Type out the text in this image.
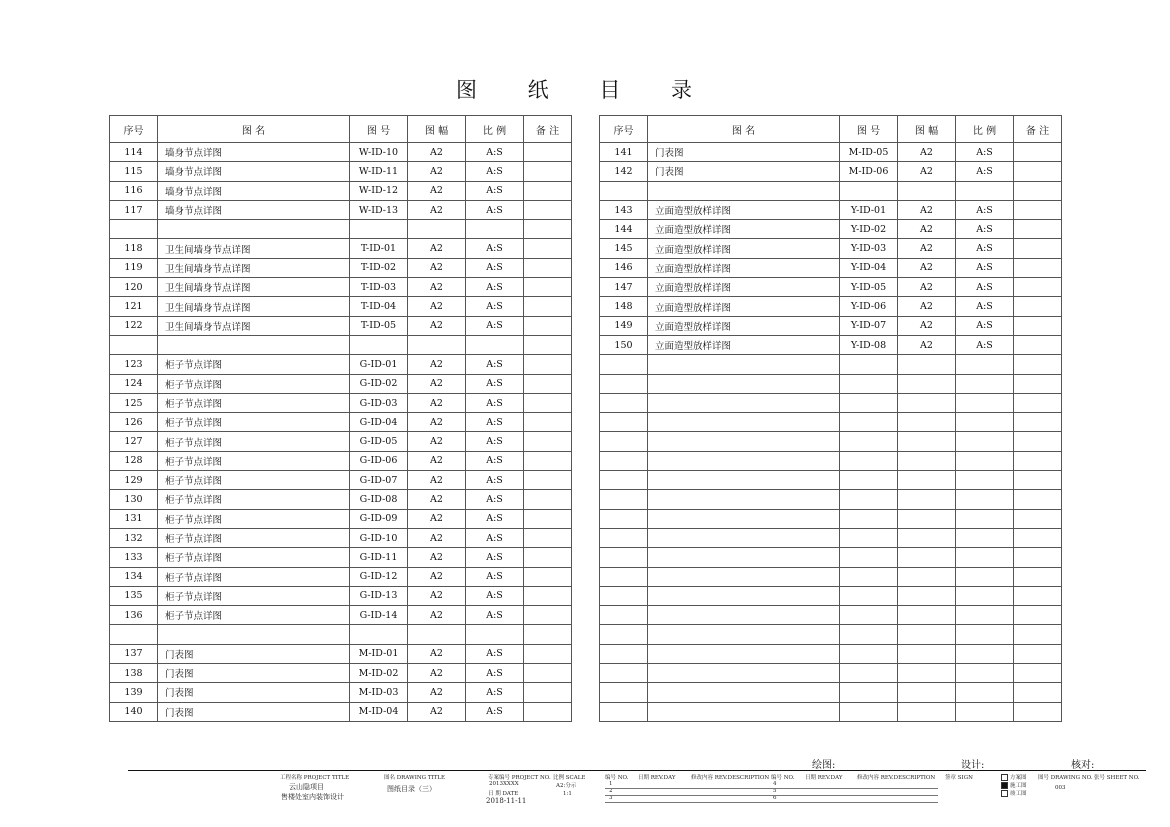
图 纸 目 录
序号	图 名	图 号	图 幅	比 例	备 注
114	墙身节点详图	W-ID-10	A2	A:S	
115	墙身节点详图	W-ID-11	A2	A:S	
116	墙身节点详图	W-ID-12	A2	A:S	
117	墙身节点详图	W-ID-13	A2	A:S	

118	卫生间墙身节点详图	T-ID-01	A2	A:S	
119	卫生间墙身节点详图	T-ID-02	A2	A:S	
120	卫生间墙身节点详图	T-ID-03	A2	A:S	
121	卫生间墙身节点详图	T-ID-04	A2	A:S	
122	卫生间墙身节点详图	T-ID-05	A2	A:S	

123	柜子节点详图	G-ID-01	A2	A:S	
124	柜子节点详图	G-ID-02	A2	A:S	
125	柜子节点详图	G-ID-03	A2	A:S	
126	柜子节点详图	G-ID-04	A2	A:S	
127	柜子节点详图	G-ID-05	A2	A:S	
128	柜子节点详图	G-ID-06	A2	A:S	
129	柜子节点详图	G-ID-07	A2	A:S	
130	柜子节点详图	G-ID-08	A2	A:S	
131	柜子节点详图	G-ID-09	A2	A:S	
132	柜子节点详图	G-ID-10	A2	A:S	
133	柜子节点详图	G-ID-11	A2	A:S	
134	柜子节点详图	G-ID-12	A2	A:S	
135	柜子节点详图	G-ID-13	A2	A:S	
136	柜子节点详图	G-ID-14	A2	A:S	

137	门表图	M-ID-01	A2	A:S	
138	门表图	M-ID-02	A2	A:S	
139	门表图	M-ID-03	A2	A:S	
140	门表图	M-ID-04	A2	A:S	
序号	图 名	图 号	图 幅	比 例	备 注
141	门表图	M-ID-05	A2	A:S	
142	门表图	M-ID-06	A2	A:S	

143	立面造型放样详图	Y-ID-01	A2	A:S	
144	立面造型放样详图	Y-ID-02	A2	A:S	
145	立面造型放样详图	Y-ID-03	A2	A:S	
146	立面造型放样详图	Y-ID-04	A2	A:S	
147	立面造型放样详图	Y-ID-05	A2	A:S	
148	立面造型放样详图	Y-ID-06	A2	A:S	
149	立面造型放样详图	Y-ID-07	A2	A:S	
150	立面造型放样详图	Y-ID-08	A2	A:S	

绘图:	设计:	核对:
工程名称 PROJECT TITLE
云山隐项目
售楼处室内装饰设计
图名 DRAWING TITLE
图纸目录（三）
专案编号 PROJECT NO.
2013XXXX
日 期 DATE
2018-11-11
比例 SCALE
A2:分示
1:1
编号 NO. 日期 REV.DAY	修改内容 REV.DESCRIPTION 编号 NO. 日期 REV.DAY	修改内容 REV.DESCRIPTION
1
2
3
4
5
6
签章 SIGN	方案图
施工图
竣工图
图号 DRAWING NO. 张号 SHEET NO.
003
